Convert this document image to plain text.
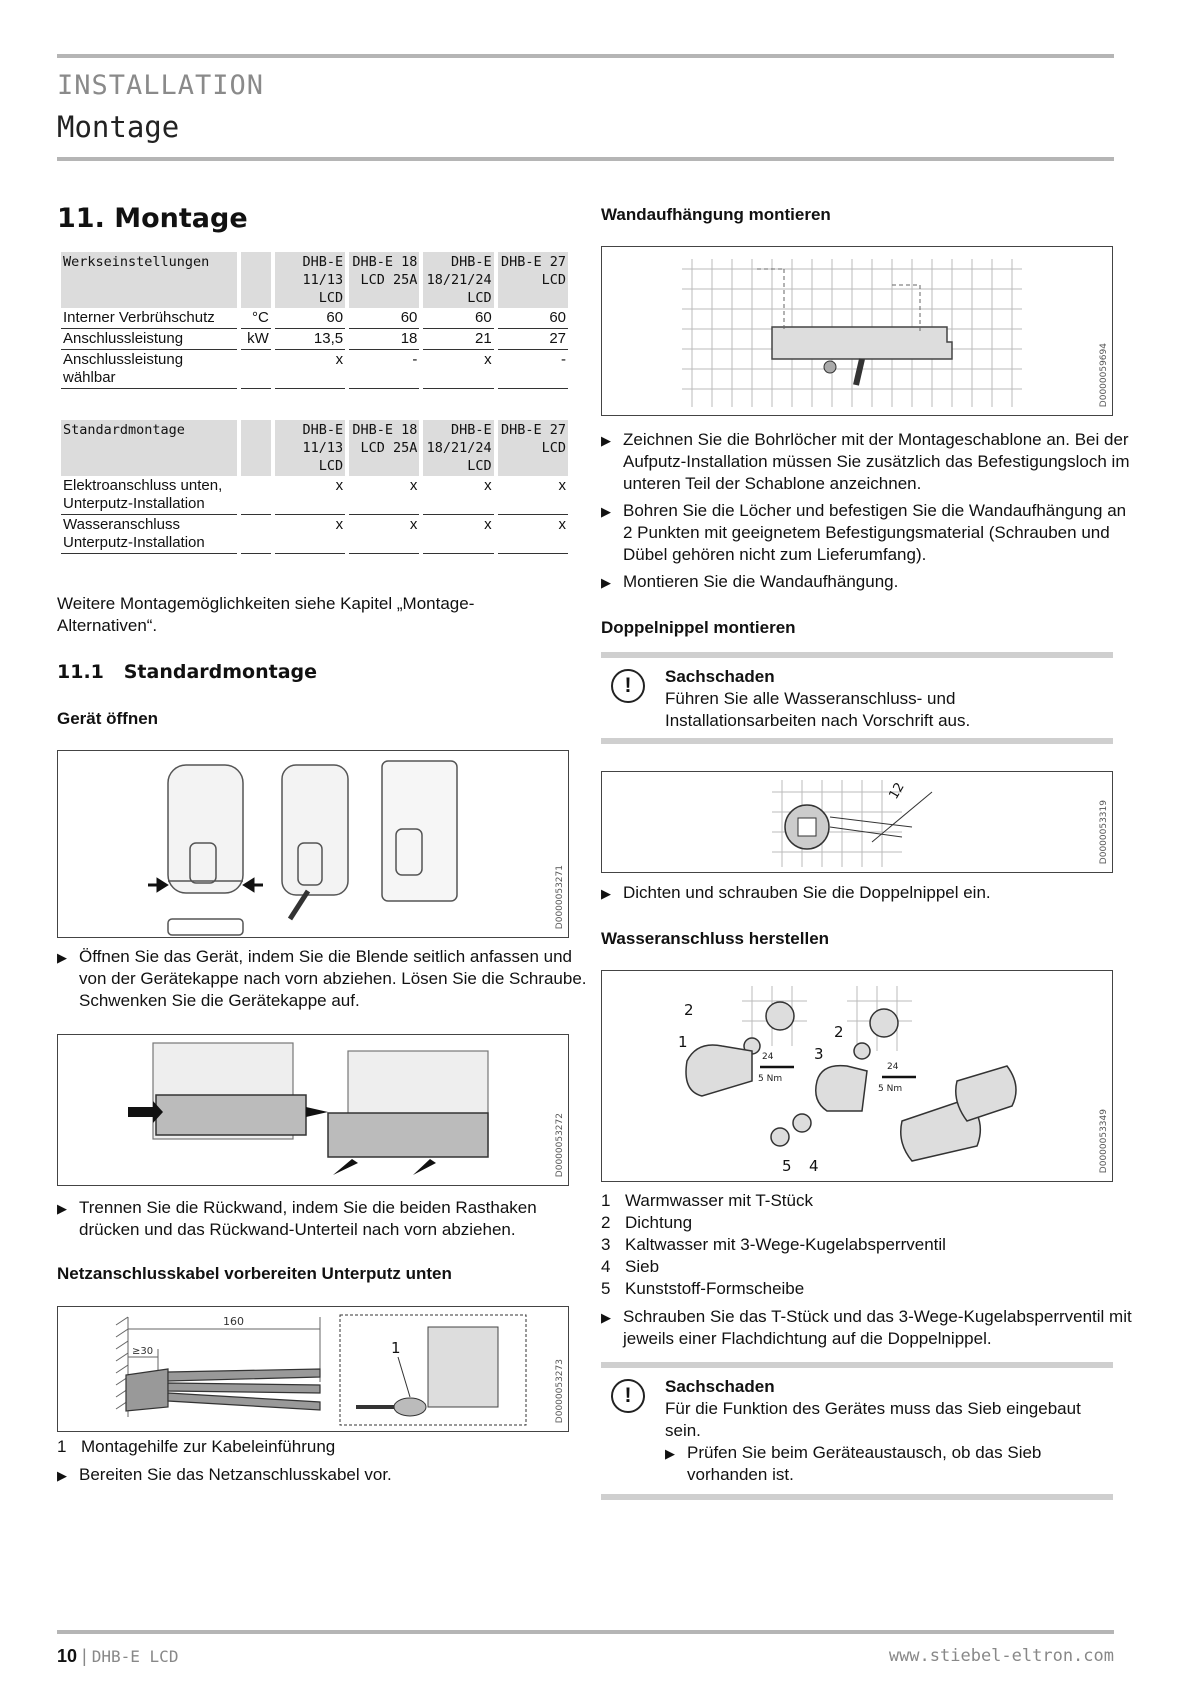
INSTALLATION
Montage
11. Montage
Werkseinstellungen		DHB-E 11/13 LCD	DHB-E 18 LCD 25A	DHB-E 18/21/24 LCD	DHB-E 27 LCD
Interner Verbrühschutz	°C	60	60	60	60
Anschlussleistung	kW	13,5	18	21	27
Anschlussleistung wählbar		x	-	x	-
Standardmontage		DHB-E 11/13 LCD	DHB-E 18 LCD 25A	DHB-E 18/21/24 LCD	DHB-E 27 LCD
Elektroanschluss unten, Unterputz-Installation		x	x	x	x
Wasseranschluss Unterputz-Installation		x	x	x	x
Weitere Montagemöglichkeiten siehe Kapitel „Montage-Alternativen“.
11.1 Standardmontage
Gerät öffnen
D0000053271
▶ Öffnen Sie das Gerät, indem Sie die Blende seitlich anfassen und von der Gerätekappe nach vorn abziehen. Lösen Sie die Schraube. Schwenken Sie die Gerätekappe auf.
D0000053272
▶ Trennen Sie die Rückwand, indem Sie die beiden Rasthaken drücken und das Rückwand-Unterteil nach vorn abziehen.
Netzanschlusskabel vorbereiten Unterputz unten
160
≥30	1
D0000053273
1 Montagehilfe zur Kabeleinführung
▶ Bereiten Sie das Netzanschlusskabel vor.
Wandaufhängung montieren
D0000059694
▶ Zeichnen Sie die Bohrlöcher mit der Montageschablone an. Bei der Aufputz-Installation müssen Sie zusätzlich das Befestigungsloch im unteren Teil der Schablone anzeichnen.
▶ Bohren Sie die Löcher und befestigen Sie die Wandaufhängung an 2 Punkten mit geeignetem Befestigungsmaterial (Schrauben und Dübel gehören nicht zum Lieferumfang).
▶ Montieren Sie die Wandaufhängung.
Doppelnippel montieren
!	Sachschaden
Führen Sie alle Wasseranschluss- und Installationsarbeiten nach Vorschrift aus.
12
D0000053319
▶ Dichten und schrauben Sie die Doppelnippel ein.
Wasseranschluss herstellen
2
1
2
3
4
5
24
5 Nm
24
5 Nm
D0000053349
1 Warmwasser mit T-Stück
2 Dichtung
3 Kaltwasser mit 3-Wege-Kugelabsperrventil
4 Sieb
5 Kunststoff-Formscheibe
▶ Schrauben Sie das T-Stück und das 3-Wege-Kugelabsperrventil mit jeweils einer Flachdichtung auf die Doppelnippel.
!	Sachschaden
Für die Funktion des Gerätes muss das Sieb eingebaut sein.
▶ Prüfen Sie beim Geräteaustausch, ob das Sieb vorhanden ist.
10 | DHB-E LCD	www.stiebel-eltron.com
